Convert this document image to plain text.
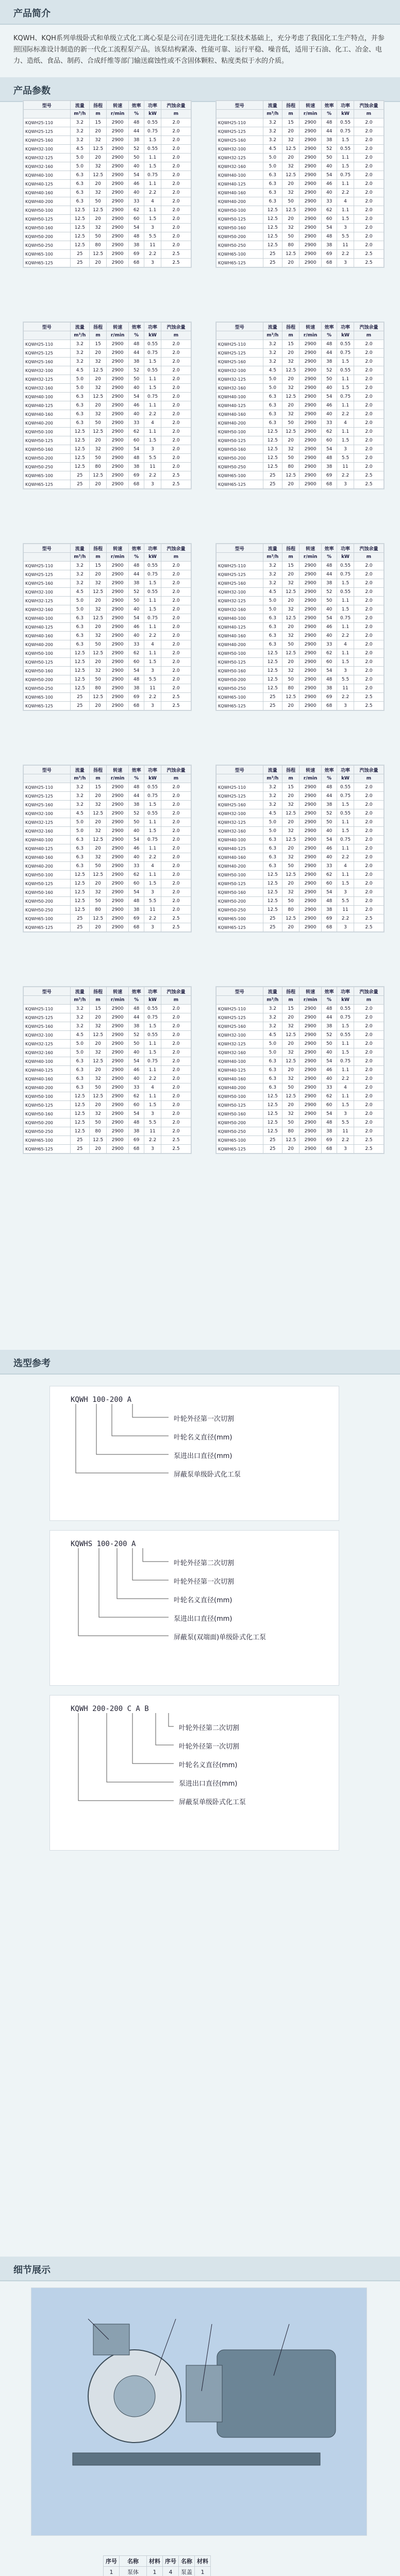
产品简介
KQWH、KQH系列单级卧式和单级立式化工离心泵是公司在引进先进化工泵技术基础上，充分考虑了我国化工生产特点，并参照国际标准设计制造的新一代化工流程泵产品。该泵结构紧凑、性能可靠、运行平稳、噪音低，适用于石油、化工、冶金、电力、造纸、食品、制药、合成纤维等部门输送腐蚀性或不含固体颗粒、粘度类似于水的介质。
产品参数
型号	流量	扬程	转速	效率	功率	汽蚀余量
	m³/h	m	r/min	%	kW	m
KQWH25-110	3.2	15	2900	48	0.55	2.0
KQWH25-125	3.2	20	2900	44	0.75	2.0
KQWH25-160	3.2	32	2900	38	1.5	2.0
KQWH32-100	4.5	12.5	2900	52	0.55	2.0
KQWH32-125	5.0	20	2900	50	1.1	2.0
KQWH32-160	5.0	32	2900	40	1.5	2.0
KQWH40-100	6.3	12.5	2900	54	0.75	2.0
KQWH40-125	6.3	20	2900	46	1.1	2.0
KQWH40-160	6.3	32	2900	40	2.2	2.0
KQWH40-200	6.3	50	2900	33	4	2.0
KQWH50-100	12.5	12.5	2900	62	1.1	2.0
KQWH50-125	12.5	20	2900	60	1.5	2.0
KQWH50-160	12.5	32	2900	54	3	2.0
KQWH50-200	12.5	50	2900	48	5.5	2.0
KQWH50-250	12.5	80	2900	38	11	2.0
KQWH65-100	25	12.5	2900	69	2.2	2.5
KQWH65-125	25	20	2900	68	3	2.5
型号	流量	扬程	转速	效率	功率	汽蚀余量
	m³/h	m	r/min	%	kW	m
KQWH25-110	3.2	15	2900	48	0.55	2.0
KQWH25-125	3.2	20	2900	44	0.75	2.0
KQWH25-160	3.2	32	2900	38	1.5	2.0
KQWH32-100	4.5	12.5	2900	52	0.55	2.0
KQWH32-125	5.0	20	2900	50	1.1	2.0
KQWH32-160	5.0	32	2900	40	1.5	2.0
KQWH40-100	6.3	12.5	2900	54	0.75	2.0
KQWH40-125	6.3	20	2900	46	1.1	2.0
KQWH40-160	6.3	32	2900	40	2.2	2.0
KQWH40-200	6.3	50	2900	33	4	2.0
KQWH50-100	12.5	12.5	2900	62	1.1	2.0
KQWH50-125	12.5	20	2900	60	1.5	2.0
KQWH50-160	12.5	32	2900	54	3	2.0
KQWH50-200	12.5	50	2900	48	5.5	2.0
KQWH50-250	12.5	80	2900	38	11	2.0
KQWH65-100	25	12.5	2900	69	2.2	2.5
KQWH65-125	25	20	2900	68	3	2.5
型号	流量	扬程	转速	效率	功率	汽蚀余量
	m³/h	m	r/min	%	kW	m
KQWH25-110	3.2	15	2900	48	0.55	2.0
KQWH25-125	3.2	20	2900	44	0.75	2.0
KQWH25-160	3.2	32	2900	38	1.5	2.0
KQWH32-100	4.5	12.5	2900	52	0.55	2.0
KQWH32-125	5.0	20	2900	50	1.1	2.0
KQWH32-160	5.0	32	2900	40	1.5	2.0
KQWH40-100	6.3	12.5	2900	54	0.75	2.0
KQWH40-125	6.3	20	2900	46	1.1	2.0
KQWH40-160	6.3	32	2900	40	2.2	2.0
KQWH40-200	6.3	50	2900	33	4	2.0
KQWH50-100	12.5	12.5	2900	62	1.1	2.0
KQWH50-125	12.5	20	2900	60	1.5	2.0
KQWH50-160	12.5	32	2900	54	3	2.0
KQWH50-200	12.5	50	2900	48	5.5	2.0
KQWH50-250	12.5	80	2900	38	11	2.0
KQWH65-100	25	12.5	2900	69	2.2	2.5
KQWH65-125	25	20	2900	68	3	2.5
型号	流量	扬程	转速	效率	功率	汽蚀余量
	m³/h	m	r/min	%	kW	m
KQWH25-110	3.2	15	2900	48	0.55	2.0
KQWH25-125	3.2	20	2900	44	0.75	2.0
KQWH25-160	3.2	32	2900	38	1.5	2.0
KQWH32-100	4.5	12.5	2900	52	0.55	2.0
KQWH32-125	5.0	20	2900	50	1.1	2.0
KQWH32-160	5.0	32	2900	40	1.5	2.0
KQWH40-100	6.3	12.5	2900	54	0.75	2.0
KQWH40-125	6.3	20	2900	46	1.1	2.0
KQWH40-160	6.3	32	2900	40	2.2	2.0
KQWH40-200	6.3	50	2900	33	4	2.0
KQWH50-100	12.5	12.5	2900	62	1.1	2.0
KQWH50-125	12.5	20	2900	60	1.5	2.0
KQWH50-160	12.5	32	2900	54	3	2.0
KQWH50-200	12.5	50	2900	48	5.5	2.0
KQWH50-250	12.5	80	2900	38	11	2.0
KQWH65-100	25	12.5	2900	69	2.2	2.5
KQWH65-125	25	20	2900	68	3	2.5
型号	流量	扬程	转速	效率	功率	汽蚀余量
	m³/h	m	r/min	%	kW	m
KQWH25-110	3.2	15	2900	48	0.55	2.0
KQWH25-125	3.2	20	2900	44	0.75	2.0
KQWH25-160	3.2	32	2900	38	1.5	2.0
KQWH32-100	4.5	12.5	2900	52	0.55	2.0
KQWH32-125	5.0	20	2900	50	1.1	2.0
KQWH32-160	5.0	32	2900	40	1.5	2.0
KQWH40-100	6.3	12.5	2900	54	0.75	2.0
KQWH40-125	6.3	20	2900	46	1.1	2.0
KQWH40-160	6.3	32	2900	40	2.2	2.0
KQWH40-200	6.3	50	2900	33	4	2.0
KQWH50-100	12.5	12.5	2900	62	1.1	2.0
KQWH50-125	12.5	20	2900	60	1.5	2.0
KQWH50-160	12.5	32	2900	54	3	2.0
KQWH50-200	12.5	50	2900	48	5.5	2.0
KQWH50-250	12.5	80	2900	38	11	2.0
KQWH65-100	25	12.5	2900	69	2.2	2.5
KQWH65-125	25	20	2900	68	3	2.5
型号	流量	扬程	转速	效率	功率	汽蚀余量
	m³/h	m	r/min	%	kW	m
KQWH25-110	3.2	15	2900	48	0.55	2.0
KQWH25-125	3.2	20	2900	44	0.75	2.0
KQWH25-160	3.2	32	2900	38	1.5	2.0
KQWH32-100	4.5	12.5	2900	52	0.55	2.0
KQWH32-125	5.0	20	2900	50	1.1	2.0
KQWH32-160	5.0	32	2900	40	1.5	2.0
KQWH40-100	6.3	12.5	2900	54	0.75	2.0
KQWH40-125	6.3	20	2900	46	1.1	2.0
KQWH40-160	6.3	32	2900	40	2.2	2.0
KQWH40-200	6.3	50	2900	33	4	2.0
KQWH50-100	12.5	12.5	2900	62	1.1	2.0
KQWH50-125	12.5	20	2900	60	1.5	2.0
KQWH50-160	12.5	32	2900	54	3	2.0
KQWH50-200	12.5	50	2900	48	5.5	2.0
KQWH50-250	12.5	80	2900	38	11	2.0
KQWH65-100	25	12.5	2900	69	2.2	2.5
KQWH65-125	25	20	2900	68	3	2.5
型号	流量	扬程	转速	效率	功率	汽蚀余量
	m³/h	m	r/min	%	kW	m
KQWH25-110	3.2	15	2900	48	0.55	2.0
KQWH25-125	3.2	20	2900	44	0.75	2.0
KQWH25-160	3.2	32	2900	38	1.5	2.0
KQWH32-100	4.5	12.5	2900	52	0.55	2.0
KQWH32-125	5.0	20	2900	50	1.1	2.0
KQWH32-160	5.0	32	2900	40	1.5	2.0
KQWH40-100	6.3	12.5	2900	54	0.75	2.0
KQWH40-125	6.3	20	2900	46	1.1	2.0
KQWH40-160	6.3	32	2900	40	2.2	2.0
KQWH40-200	6.3	50	2900	33	4	2.0
KQWH50-100	12.5	12.5	2900	62	1.1	2.0
KQWH50-125	12.5	20	2900	60	1.5	2.0
KQWH50-160	12.5	32	2900	54	3	2.0
KQWH50-200	12.5	50	2900	48	5.5	2.0
KQWH50-250	12.5	80	2900	38	11	2.0
KQWH65-100	25	12.5	2900	69	2.2	2.5
KQWH65-125	25	20	2900	68	3	2.5
型号	流量	扬程	转速	效率	功率	汽蚀余量
	m³/h	m	r/min	%	kW	m
KQWH25-110	3.2	15	2900	48	0.55	2.0
KQWH25-125	3.2	20	2900	44	0.75	2.0
KQWH25-160	3.2	32	2900	38	1.5	2.0
KQWH32-100	4.5	12.5	2900	52	0.55	2.0
KQWH32-125	5.0	20	2900	50	1.1	2.0
KQWH32-160	5.0	32	2900	40	1.5	2.0
KQWH40-100	6.3	12.5	2900	54	0.75	2.0
KQWH40-125	6.3	20	2900	46	1.1	2.0
KQWH40-160	6.3	32	2900	40	2.2	2.0
KQWH40-200	6.3	50	2900	33	4	2.0
KQWH50-100	12.5	12.5	2900	62	1.1	2.0
KQWH50-125	12.5	20	2900	60	1.5	2.0
KQWH50-160	12.5	32	2900	54	3	2.0
KQWH50-200	12.5	50	2900	48	5.5	2.0
KQWH50-250	12.5	80	2900	38	11	2.0
KQWH65-100	25	12.5	2900	69	2.2	2.5
KQWH65-125	25	20	2900	68	3	2.5
型号	流量	扬程	转速	效率	功率	汽蚀余量
	m³/h	m	r/min	%	kW	m
KQWH25-110	3.2	15	2900	48	0.55	2.0
KQWH25-125	3.2	20	2900	44	0.75	2.0
KQWH25-160	3.2	32	2900	38	1.5	2.0
KQWH32-100	4.5	12.5	2900	52	0.55	2.0
KQWH32-125	5.0	20	2900	50	1.1	2.0
KQWH32-160	5.0	32	2900	40	1.5	2.0
KQWH40-100	6.3	12.5	2900	54	0.75	2.0
KQWH40-125	6.3	20	2900	46	1.1	2.0
KQWH40-160	6.3	32	2900	40	2.2	2.0
KQWH40-200	6.3	50	2900	33	4	2.0
KQWH50-100	12.5	12.5	2900	62	1.1	2.0
KQWH50-125	12.5	20	2900	60	1.5	2.0
KQWH50-160	12.5	32	2900	54	3	2.0
KQWH50-200	12.5	50	2900	48	5.5	2.0
KQWH50-250	12.5	80	2900	38	11	2.0
KQWH65-100	25	12.5	2900	69	2.2	2.5
KQWH65-125	25	20	2900	68	3	2.5
型号	流量	扬程	转速	效率	功率	汽蚀余量
	m³/h	m	r/min	%	kW	m
KQWH25-110	3.2	15	2900	48	0.55	2.0
KQWH25-125	3.2	20	2900	44	0.75	2.0
KQWH25-160	3.2	32	2900	38	1.5	2.0
KQWH32-100	4.5	12.5	2900	52	0.55	2.0
KQWH32-125	5.0	20	2900	50	1.1	2.0
KQWH32-160	5.0	32	2900	40	1.5	2.0
KQWH40-100	6.3	12.5	2900	54	0.75	2.0
KQWH40-125	6.3	20	2900	46	1.1	2.0
KQWH40-160	6.3	32	2900	40	2.2	2.0
KQWH40-200	6.3	50	2900	33	4	2.0
KQWH50-100	12.5	12.5	2900	62	1.1	2.0
KQWH50-125	12.5	20	2900	60	1.5	2.0
KQWH50-160	12.5	32	2900	54	3	2.0
KQWH50-200	12.5	50	2900	48	5.5	2.0
KQWH50-250	12.5	80	2900	38	11	2.0
KQWH65-100	25	12.5	2900	69	2.2	2.5
KQWH65-125	25	20	2900	68	3	2.5
选型参考
KQWH 100-200 A
叶轮外径第一次切割
叶轮名义直径(mm)
泵进出口直径(mm)
屏蔽泵单级卧式化工泵
KQWHS 100-200 A
叶轮外径第二次切割
叶轮外径第一次切割
叶轮名义直径(mm)
泵进出口直径(mm)
屏蔽泵(双端面)单级卧式化工泵
KQWH 200-200 C A B
叶轮外径第二次切割
叶轮外径第一次切割
叶轮名义直径(mm)
泵进出口直径(mm)
屏蔽泵单级卧式化工泵
细节展示
序号	名称	材料	序号	名称	材料
1	泵体	1	4	泵盖	1
